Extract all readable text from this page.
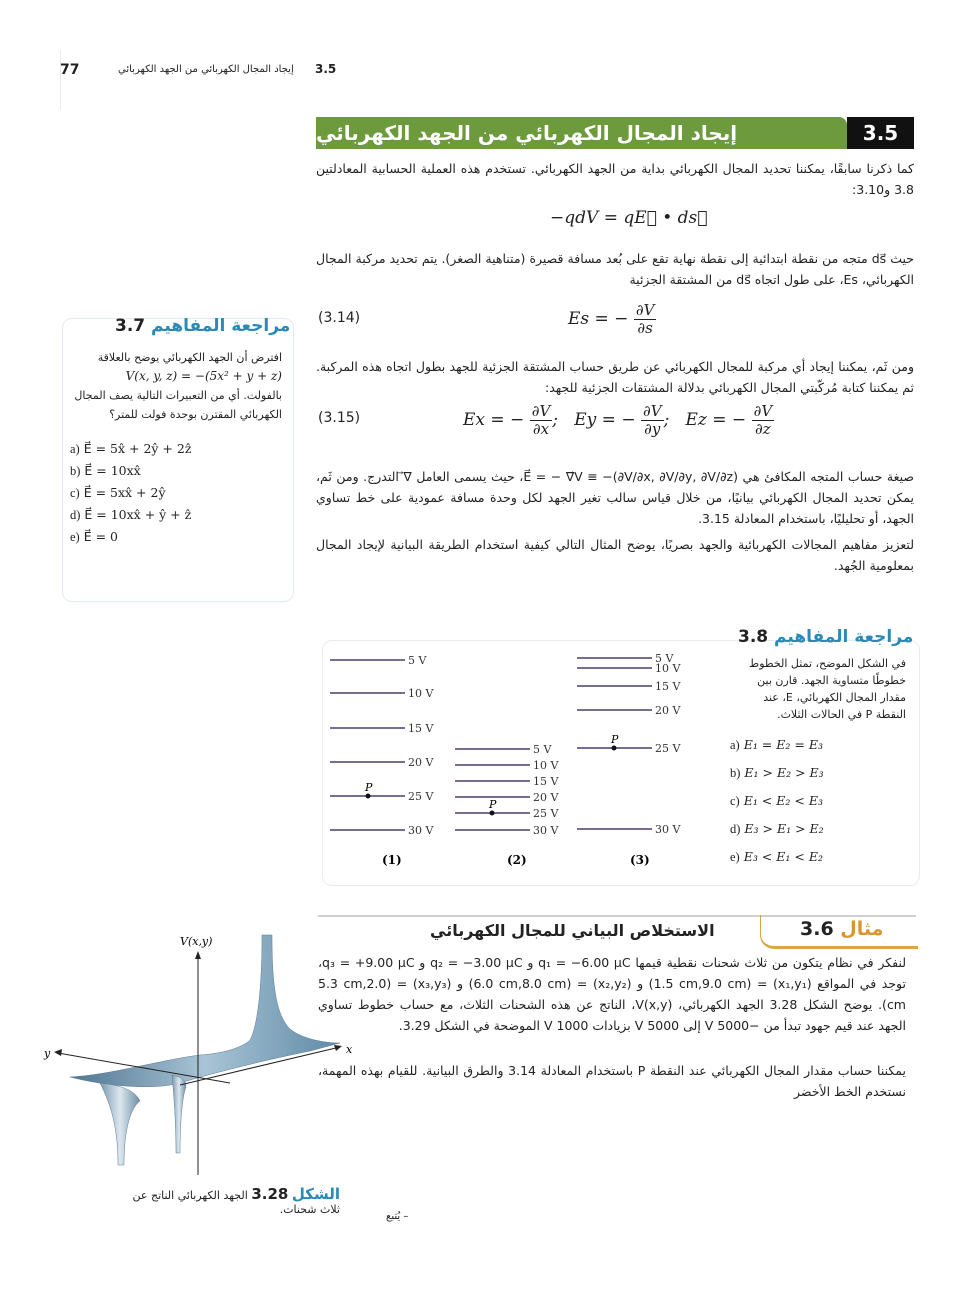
77	إيجاد المجال الكهربائي من الجهد الكهربائي 3.5
إيجاد المجال الكهربائي من الجهد الكهربائي	3.5
كما ذكرنا سابقًا، يمكننا تحديد المجال الكهربائي بداية من الجهد الكهربائي. تستخدم هذه العملية الحسابية المعادلتين 3.8 و3.10:
−qdV = qE⃗ • ds⃗
حيث ds⃗ متجه من نقطة ابتدائية إلى نقطة نهاية تقع على بُعد مسافة قصيرة (متناهية الصغر). يتم تحديد مركبة المجال الكهربائي، Es، على طول اتجاه ds⃗ من المشتقة الجزئية
(3.14)	Es = − $\frac{\partial V}{\partial s}$
ومن ثَم، يمكننا إيجاد أي مركبة للمجال الكهربائي عن طريق حساب المشتقة الجزئية للجهد بطول اتجاه هذه المركبة. ثم يمكننا كتابة مُركّبتي المجال الكهربائي بدلالة المشتقات الجزئية للجهد:
(3.15)	Ex = − $\frac{\partial V}{\partial x}$ ; Ey = − $\frac{\partial V}{\partial y}$ ; Ez = − $\frac{\partial V}{\partial z}$
صيغة حساب المتجه المكافئ هي E⃗ = − ∇⃗V ≡ −(∂V/∂x, ∂V/∂y, ∂V/∂z)، حيث يسمى العامل ∇⃗ التدرج. ومن ثَم، يمكن تحديد المجال الكهربائي بيانيًا، من خلال قياس سالب تغير الجهد لكل وحدة مسافة عمودية على خط تساوي الجهد، أو تحليليًا، باستخدام المعادلة 3.15.
لتعزيز مفاهيم المجالات الكهربائية والجهد بصريًا، يوضح المثال التالي كيفية استخدام الطريقة البيانية لإيجاد المجال بمعلومية الجُهد.
مراجعة المفاهيم 3.7
افترض أن الجهد الكهربائي يوضح بالعلاقة
V(x, y, z) = −(5x² + y + z)
بالفولت. أي من التعبيرات التالية يصف المجال الكهربائي المقترن بوحدة فولت للمتر؟
a) E⃗ = 5x̂ + 2ŷ + 2ẑ
b) E⃗ = 10xx̂
c) E⃗ = 5xx̂ + 2ŷ
d) E⃗ = 10xx̂ + ŷ + ẑ
e) E⃗ = 0
مراجعة المفاهيم 3.8
في الشكل الموضح، تمثل الخطوط خطوطًا متساوية الجهد. قارن بين مقدار المجال الكهربائي، E، عند النقطة P في الحالات الثلاث.
a) E₁ = E₂ = E₃
b) E₁ > E₂ > E₃
c) E₁ < E₂ < E₃
d) E₃ > E₁ > E₂
e) E₃ < E₁ < E₂
5 V
10 V
15 V
20 V
25 V
P
30 V
(1)
5 V
10 V
15 V
20 V
25 V
P
30 V
(2)
5 V
10 V
15 V
20 V
25 V
P
30 V
(3)
مثال 3.6
الاستخلاص البياني للمجال الكهربائي
لنفكر في نظام يتكون من ثلاث شحنات نقطية قيمها q₁ = −6.00 μC و q₂ = −3.00 μC و q₃ = +9.00 μC، توجد في المواقع (x₁,y₁) = (1.5 cm,9.0 cm) و (x₂,y₂) = (6.0 cm,8.0 cm) و (x₃,y₃) = (5.3 cm,2.0 cm). يوضح الشكل 3.28 الجهد الكهربائي، V(x,y)، الناتج عن هذه الشحنات الثلاث، مع حساب خطوط تساوي الجهد عند قيم جهود تبدأ من −5000 V إلى 5000 V بزيادات 1000 V الموضحة في الشكل 3.29.
يمكننا حساب مقدار المجال الكهربائي عند النقطة P باستخدام المعادلة 3.14 والطرق البيانية. للقيام بهذه المهمة، نستخدم الخط الأخضر
V(x,y)
x
y
الشكل 3.28 الجهد الكهربائي الناتج عن ثلاث شحنات.
– يُتبع
